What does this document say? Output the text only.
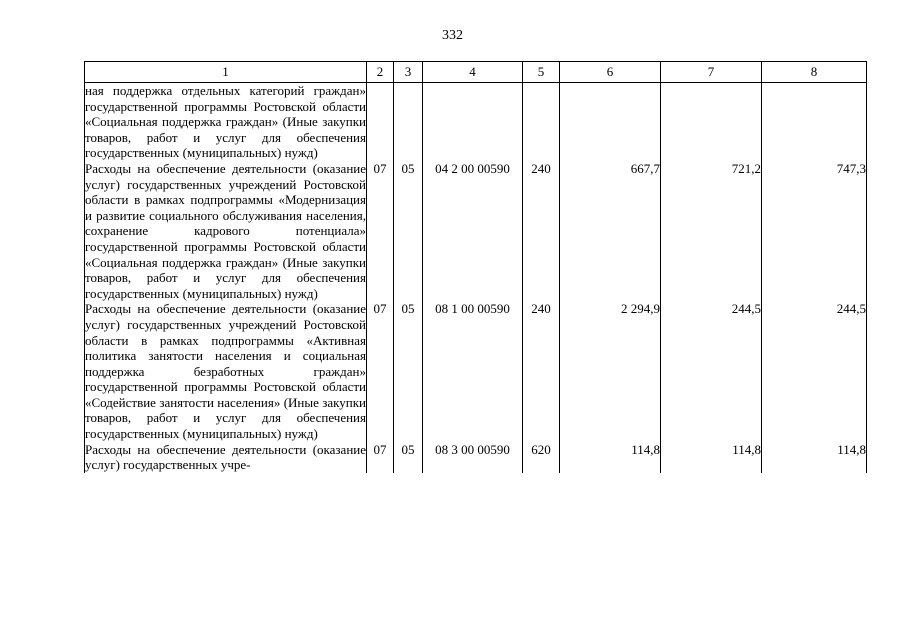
332
1	2	3	4	5	6	7	8
ная поддержка отдельных категорий граждан» государственной программы Ростовской области «Социальная поддержка граждан» (Иные закупки товаров, работ и услуг для обеспечения государственных (муниципальных) нужд)							
Расходы на обеспечение деятельности (оказание услуг) государственных учреждений Ростовской области в рамках подпрограммы «Модернизация и развитие социального обслуживания населения, сохранение кадрового потенциала» государственной программы Ростовской области «Социальная поддержка граждан» (Иные закупки товаров, работ и услуг для обеспечения государственных (муниципальных) нужд)	07	05	04 2 00 00590	240	667,7	721,2	747,3
Расходы на обеспечение деятельности (оказание услуг) государственных учреждений Ростовской области в рамках подпрограммы «Активная политика занятости населения и социальная поддержка безработных граждан» государственной программы Ростовской области «Содействие занятости населения» (Иные закупки товаров, работ и услуг для обеспечения государственных (муниципальных) нужд)	07	05	08 1 00 00590	240	2 294,9	244,5	244,5
Расходы на обеспечение деятельности (оказание услуг) государственных учре-	07	05	08 3 00 00590	620	114,8	114,8	114,8
